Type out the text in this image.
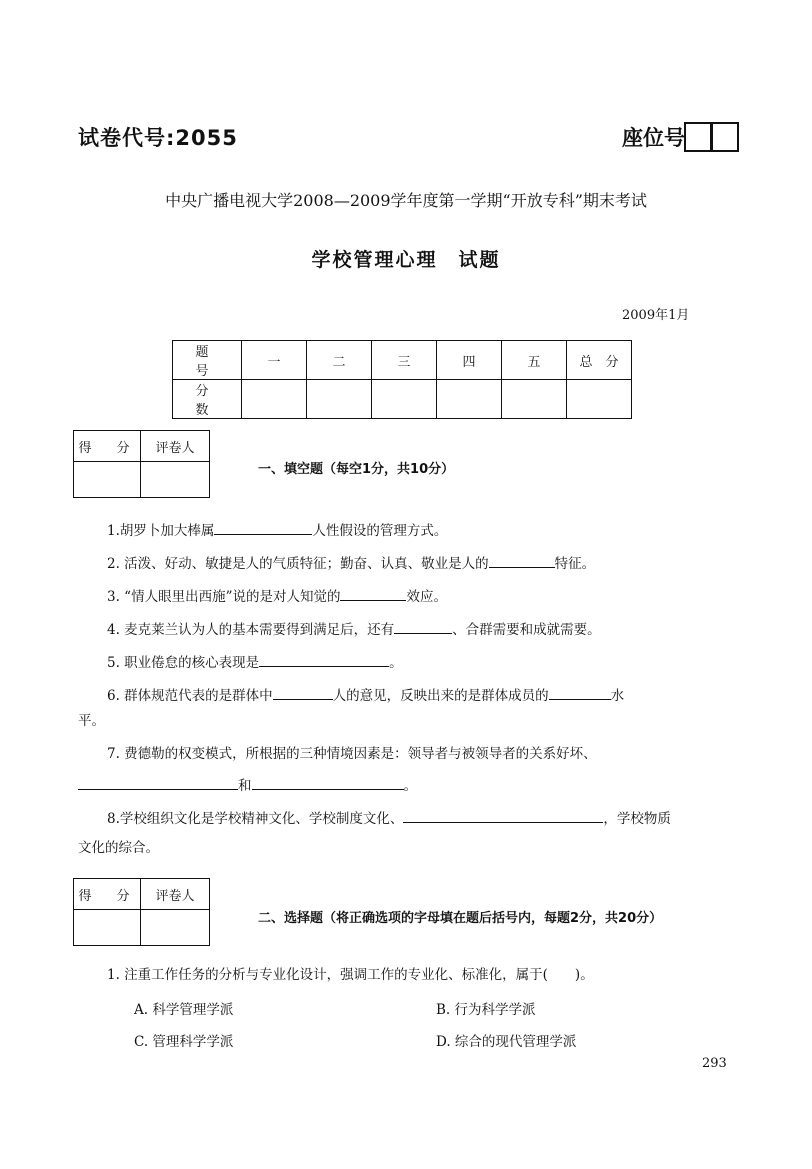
试卷代号:2055	座位号
中央广播电视大学2008—2009学年度第一学期“开放专科”期末考试
学校管理心理　试题
2009年1月
题　号	一	二	三	四	五	总　分
分　数						
得　分	评卷人

一、填空题（每空1分，共10分）
1.胡罗卜加大棒属	人性假设的管理方式。
2. 活泼、好动、敏捷是人的气质特征；勤奋、认真、敬业是人的	特征。
3. “情人眼里出西施”说的是对人知觉的	效应。
4. 麦克莱兰认为人的基本需要得到满足后，还有	、合群需要和成就需要。
5. 职业倦怠的核心表现是	。
6. 群体规范代表的是群体中	人的意见，反映出来的是群体成员的	水
平。
7. 费德勒的权变模式，所根据的三种情境因素是：领导者与被领导者的关系好坏、
和	。
8.学校组织文化是学校精神文化、学校制度文化、	，学校物质
文化的综合。
得　分	评卷人

二、选择题（将正确选项的字母填在题后括号内，每题2分，共20分）
1. 注重工作任务的分析与专业化设计，强调工作的专业化、标准化，属于(　　)。
A. 科学管理学派	B. 行为科学学派
C. 管理科学学派	D. 综合的现代管理学派
293
